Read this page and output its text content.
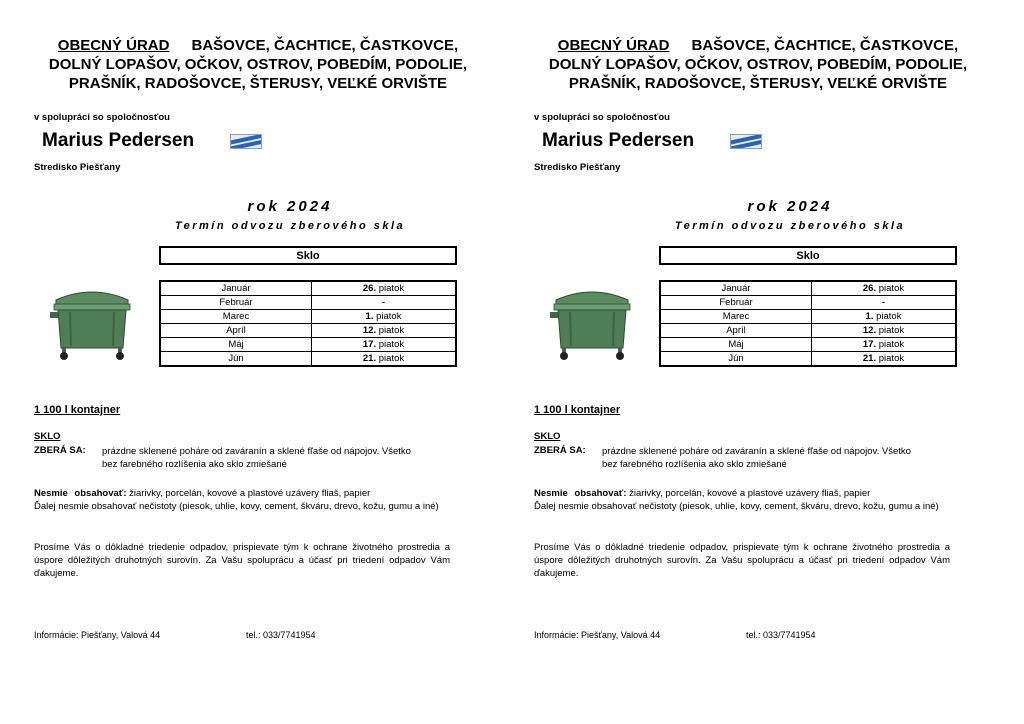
OBECNÝ ÚRAD BAŠOVCE, ČACHTICE, ČASTKOVCE,
DOLNÝ LOPAŠOV, OČKOV, OSTROV, POBEDÍM, PODOLIE,
PRAŠNÍK, RADOŠOVCE, ŠTERUSY, VEĽKÉ ORVIŠTE
v spolupráci so spoločnosťou
Marius Pedersen
Stredisko Piešťany
rok 2024
Termín odvozu zberového skla
Sklo
Január	26. piatok
Február	-
Marec	1. piatok
Apríl	12. piatok
Máj	17. piatok
Jún	21. piatok
1 100 l kontajner
SKLO
ZBERÁ SA: prázdne sklenené poháre od zaváranín a sklené fľaše od nápojov. Všetko bez farebného rozlíšenia ako sklo zmiešané
Nesmie obsahovať: žiarivky, porcelán, kovové a plastové uzávery fliaš, papier
Ďalej nesmie obsahovať nečistoty (piesok, uhlie, kovy, cement, škváru, drevo, kožu, gumu a iné)
Prosíme Vás o dôkladné triedenie odpadov, prispievate tým k ochrane životného prostredia a úspore dôležitých druhotných surovín. Za Vašu spoluprácu a účasť pri triedení odpadov Vám ďakujeme.
Informácie: Piešťany, Valová 44	tel.: 033/7741954
OBECNÝ ÚRAD BAŠOVCE, ČACHTICE, ČASTKOVCE,
DOLNÝ LOPAŠOV, OČKOV, OSTROV, POBEDÍM, PODOLIE,
PRAŠNÍK, RADOŠOVCE, ŠTERUSY, VEĽKÉ ORVIŠTE
v spolupráci so spoločnosťou
Marius Pedersen
Stredisko Piešťany
rok 2024
Termín odvozu zberového skla
Sklo
Január	26. piatok
Február	-
Marec	1. piatok
Apríl	12. piatok
Máj	17. piatok
Jún	21. piatok
1 100 l kontajner
SKLO
ZBERÁ SA: prázdne sklenené poháre od zaváranín a sklené fľaše od nápojov. Všetko bez farebného rozlíšenia ako sklo zmiešané
Nesmie obsahovať: žiarivky, porcelán, kovové a plastové uzávery fliaš, papier
Ďalej nesmie obsahovať nečistoty (piesok, uhlie, kovy, cement, škváru, drevo, kožu, gumu a iné)
Prosíme Vás o dôkladné triedenie odpadov, prispievate tým k ochrane životného prostredia a úspore dôležitých druhotných surovín. Za Vašu spoluprácu a účasť pri triedení odpadov Vám ďakujeme.
Informácie: Piešťany, Valová 44	tel.: 033/7741954
